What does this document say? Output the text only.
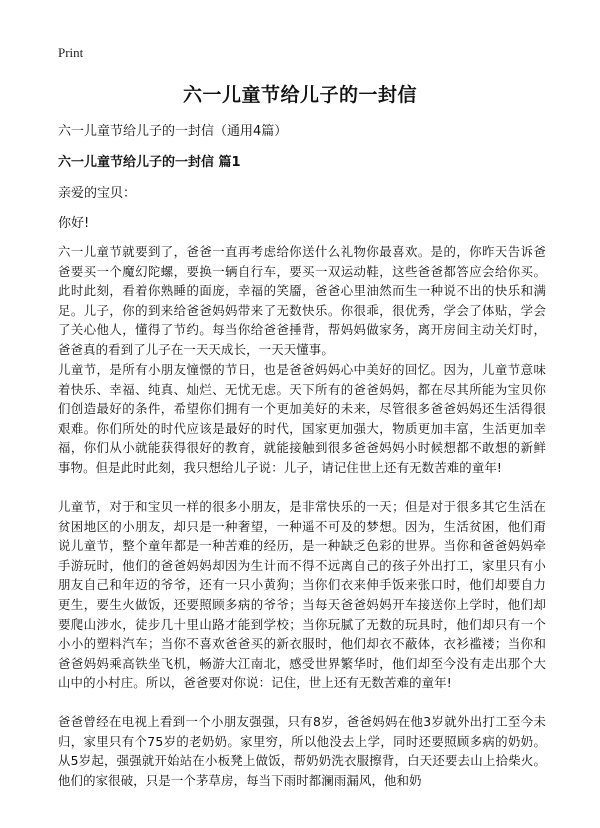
Print
六一儿童节给儿子的一封信

六一儿童节给儿子的一封信（通用4篇）

六一儿童节给儿子的一封信 篇1

亲爱的宝贝：

你好!

六一儿童节就要到了，爸爸一直再考虑给你送什么礼物你最喜欢。是的，你昨天告诉爸爸要买一个魔幻陀螺，要换一辆自行车，要买一双运动鞋，这些爸爸都答应会给你买。此时此刻，看着你熟睡的面庞，幸福的笑靥，爸爸心里油然而生一种说不出的快乐和满足。儿子，你的到来给爸爸妈妈带来了无数快乐。你很乖，很优秀，学会了体贴，学会了关心他人，懂得了节约。每当你给爸爸捶背，帮妈妈做家务，离开房间主动关灯时，爸爸真的看到了儿子在一天天成长，一天天懂事。

儿童节，是所有小朋友憧憬的节日，也是爸爸妈妈心中美好的回忆。因为，儿童节意味着快乐、幸福、纯真、灿烂、无忧无虑。天下所有的爸爸妈妈，都在尽其所能为宝贝你们创造最好的条件，希望你们拥有一个更加美好的未来，尽管很多爸爸妈妈还生活得很艰难。你们所处的时代应该是最好的时代，国家更加强大，物质更加丰富，生活更加幸福，你们从小就能获得很好的教育，就能接触到很多爸爸妈妈小时候想都不敢想的新鲜事物。但是此时此刻，我只想给儿子说：儿子，请记住世上还有无数苦难的童年!

儿童节，对于和宝贝一样的很多小朋友，是非常快乐的一天；但是对于很多其它生活在贫困地区的小朋友，却只是一种奢望，一种遥不可及的梦想。因为，生活贫困，他们甭说儿童节，整个童年都是一种苦难的经历，是一种缺乏色彩的世界。当你和爸爸妈妈牵手游玩时，他们的爸爸妈妈却因为生计而不得不远离自己的孩子外出打工，家里只有小朋友自己和年迈的爷爷，还有一只小黄狗；当你们衣来伸手饭来张口时，他们却要自力更生，要生火做饭，还要照顾多病的爷爷；当每天爸爸妈妈开车接送你上学时，他们却要爬山涉水，徒步几十里山路才能到学校；当你玩腻了无数的玩具时，他们却只有一个小小的塑料汽车；当你不喜欢爸爸买的新衣服时，他们却衣不蔽体，衣衫褴褛；当你和爸爸妈妈乘高铁坐飞机，畅游大江南北，感受世界繁华时，他们却至今没有走出那个大山中的小村庄。所以，爸爸要对你说：记住，世上还有无数苦难的童年!

爸爸曾经在电视上看到一个小朋友强强，只有8岁，爸爸妈妈在他3岁就外出打工至今未归，家里只有个75岁的老奶奶。家里穷，所以他没去上学，同时还要照顾多病的奶奶。从5岁起，强强就开始站在小板凳上做饭，帮奶奶洗衣服擦背，白天还要去山上拾柴火。他们的家很破，只是一个茅草房，每当下雨时都澜雨漏风，他和奶
